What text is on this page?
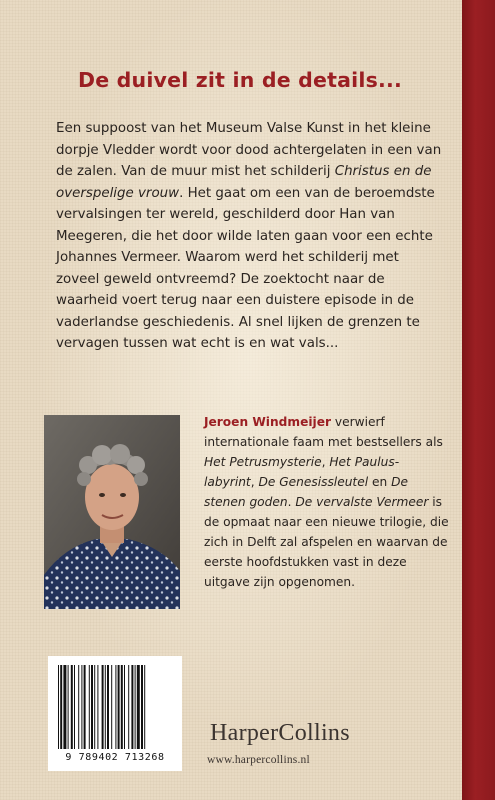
De duivel zit in de details...

Een suppoost van het Museum Valse Kunst in het kleine dorpje Vledder wordt voor dood achtergelaten in een van de zalen. Van de muur mist het schilderij Christus en de overspelige vrouw. Het gaat om een van de beroemdste vervalsingen ter wereld, geschilderd door Han van Meegeren, die het door wilde laten gaan voor een echte Johannes Vermeer. Waarom werd het schilderij met zoveel geweld ontvreemd? De zoektocht naar de waarheid voert terug naar een duistere episode in de vaderlandse geschiedenis. Al snel lijken de grenzen te vervagen tussen wat echt is en wat vals...

Jeroen Windmeijer verwierf internationale faam met bestsellers als Het Petrusmysterie, Het Paulus-labyrint, De Genesissleutel en De stenen goden. De vervalste Vermeer is de opmaat naar een nieuwe trilogie, die zich in Delft zal afspelen en waarvan de eerste hoofdstukken vast in deze uitgave zijn opgenomen.

9 789402 713268
HarperCollins
www.harpercollins.nl
